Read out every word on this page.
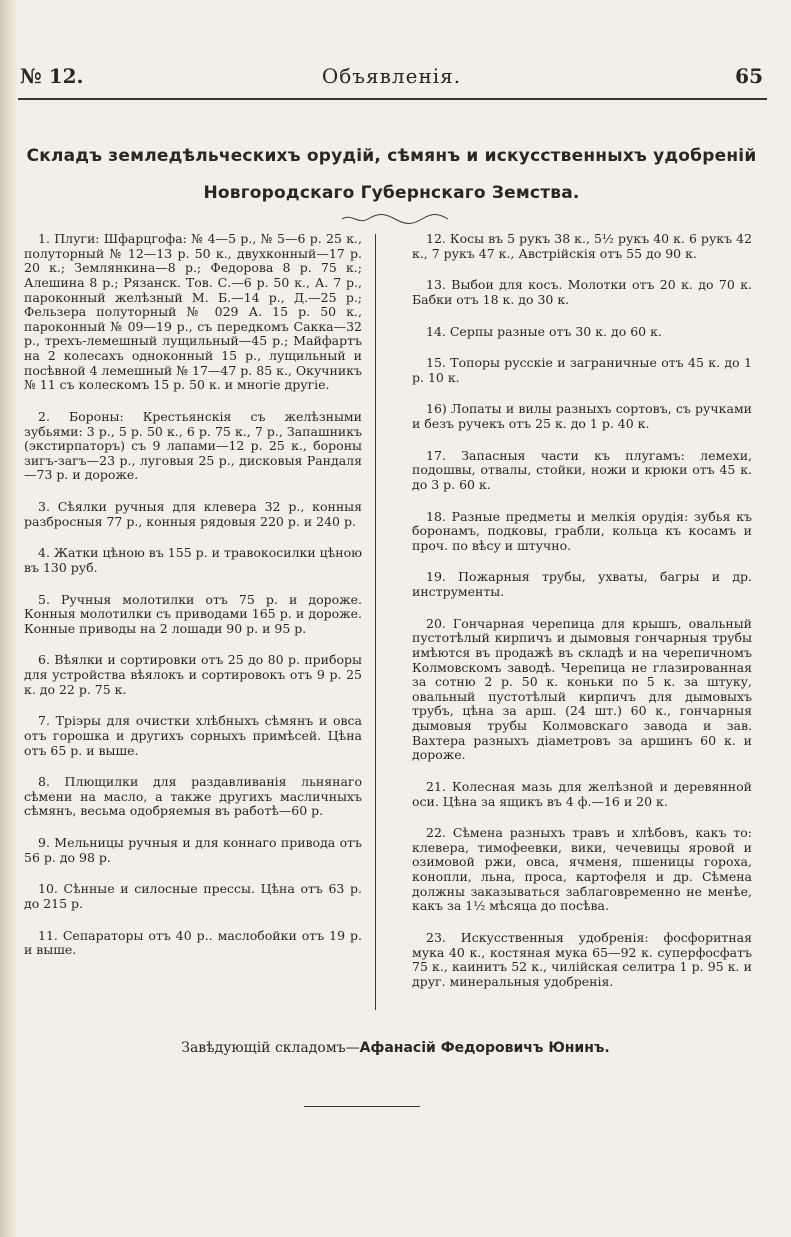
№ 12.	Объявленія.	65
Складъ земледѣльческихъ орудій, сѣмянъ и искусственныхъ удобреній Новгородскаго Губернскаго Земства.

1. Плуги: Шфарцгофа: № 4—5 р., № 5—6 р. 25 к., полуторный № 12—13 р. 50 к., двухконный—17 р. 20 к.; Землянкина—8 р.; Федорова 8 р. 75 к.; Алешина 8 р.; Рязанск. Тов. С.—6 р. 50 к., А. 7 р., пароконный желѣзный М. Б.—14 р., Д.—25 р.; Фельзера полуторный № 029 А. 15 р. 50 к., пароконный № 09—19 р., съ передкомъ Сакка—32 р., трехъ-лемешный лущильный—45 р.; Майфартъ на 2 колесахъ одноконный 15 р., лущильный и посѣвной 4 лемешный № 17—47 р. 85 к., Окучникъ № 11 съ колескомъ 15 р. 50 к. и многіе другіе.

2. Бороны: Крестьянскія съ желѣзными зубьями: 3 р., 5 р. 50 к., 6 р. 75 к., 7 р., Запашникъ (экстирпаторъ) съ 9 лапами—12 р. 25 к., бороны зигъ-загъ—23 р., луговыя 25 р., дисковыя Рандаля—73 р. и дороже.

3. Сѣялки ручныя для клевера 32 р., конныя разбросныя 77 р., конныя рядовыя 220 р. и 240 р.

4. Жатки цѣною въ 155 р. и травокосилки цѣною въ 130 руб.

5. Ручныя молотилки отъ 75 р. и дороже. Конныя молотилки съ приводами 165 р. и дороже. Конные приводы на 2 лошади 90 р. и 95 р.

6. Вѣялки и сортировки отъ 25 до 80 р. приборы для устройства вѣялокъ и сортировокъ отъ 9 р. 25 к. до 22 р. 75 к.

7. Тріэры для очистки хлѣбныхъ сѣмянъ и овса отъ горошка и другихъ сорныхъ примѣсей. Цѣна отъ 65 р. и выше.

8. Плющилки для раздавливанія льнянаго сѣмени на масло, а также другихъ масличныхъ сѣмянъ, весьма одобряемыя въ работѣ—60 р.

9. Мельницы ручныя и для коннаго привода отъ 56 р. до 98 р.

10. Сѣнные и силосные прессы. Цѣна отъ 63 р. до 215 р.

11. Сепараторы отъ 40 р.. маслобойки отъ 19 р. и выше.

12. Косы въ 5 рукъ 38 к., 5½ рукъ 40 к. 6 рукъ 42 к., 7 рукъ 47 к., Австрійскія отъ 55 до 90 к.

13. Выбои для косъ. Молотки отъ 20 к. до 70 к. Бабки отъ 18 к. до 30 к.

14. Серпы разные отъ 30 к. до 60 к.

15. Топоры русскіе и заграничные отъ 45 к. до 1 р. 10 к.

16) Лопаты и вилы разныхъ сортовъ, съ ручками и безъ ручекъ отъ 25 к. до 1 р. 40 к.

17. Запасныя части къ плугамъ: лемехи, подошвы, отвалы, стойки, ножи и крюки отъ 45 к. до 3 р. 60 к.

18. Разные предметы и мелкія орудія: зубья къ боронамъ, подковы, грабли, кольца къ косамъ и проч. по вѣсу и штучно.

19. Пожарныя трубы, ухваты, багры и др. инструменты.

20. Гончарная черепица для крышъ, овальный пустотѣлый кирпичъ и дымовыя гончарныя трубы имѣются въ продажѣ въ складѣ и на черепичномъ Колмовскомъ заводѣ. Черепица не глазированная за сотню 2 р. 50 к. коньки по 5 к. за штуку, овальный пустотѣлый кирпичъ для дымовыхъ трубъ, цѣна за арш. (24 шт.) 60 к., гончарныя дымовыя трубы Колмовскаго завода и зав. Вахтера разныхъ діаметровъ за аршинъ 60 к. и дороже.

21. Колесная мазь для желѣзной и деревянной оси. Цѣна за ящикъ въ 4 ф.—16 и 20 к.

22. Сѣмена разныхъ травъ и хлѣбовъ, какъ то: клевера, тимофеевки, вики, чечевицы яровой и озимовой ржи, овса, ячменя, пшеницы гороха, конопли, льна, проса, картофеля и др. Сѣмена должны заказываться заблаговременно не менѣе, какъ за 1½ мѣсяца до посѣва.

23. Искусственныя удобренія: фосфоритная мука 40 к., костяная мука 65—92 к. суперфосфатъ 75 к., каинитъ 52 к., чилійская селитра 1 р. 95 к. и друг. минеральныя удобренія.

Завѣдующій складомъ—Афанасій Федоровичъ Юнинъ.
